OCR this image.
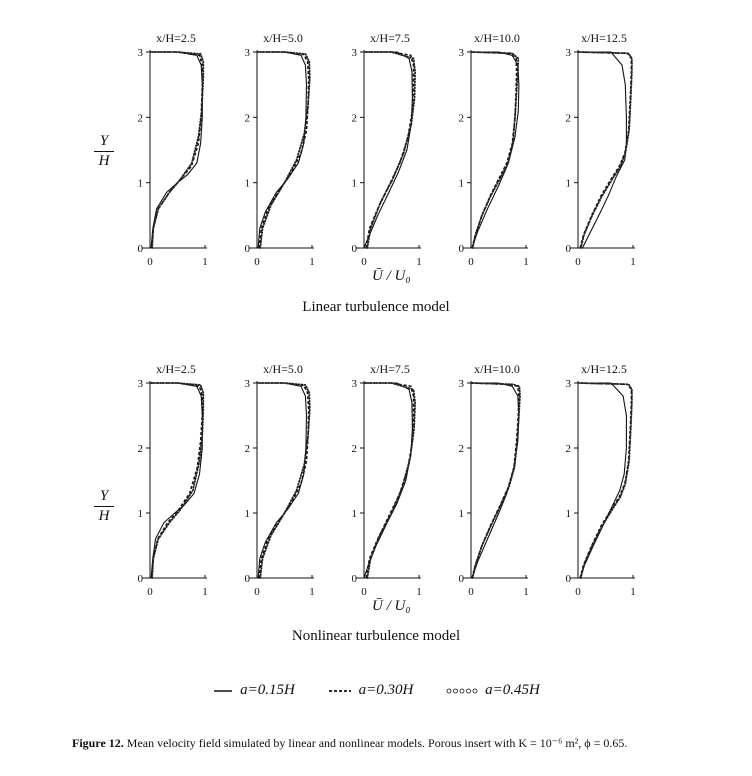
0
1
2
3
0	1
x/H=2.5
0
1
2
3
0	1
x/H=5.0
0
1
2
3
0	1
x/H=7.5
0
1
2
3
0	1
x/H=10.0
0
1
2
3
0	1
x/H=12.5
0
1
2
3
0	1
x/H=2.5
0
1
2
3
0	1
x/H=5.0
0
1
2
3
0	1
x/H=7.5
0
1
2
3
0	1
x/H=10.0
0
1
2
3
0	1
x/H=12.5
Y
H
Y
H
Ū / U₀
Ū / U₀
Linear turbulence model
Nonlinear turbulence model
a=0.15H
	a=0.30H
	a=0.45H
Figure 12. Mean velocity field simulated by linear and nonlinear models. Porous insert with K = 10⁻⁶ m², ϕ = 0.65.
